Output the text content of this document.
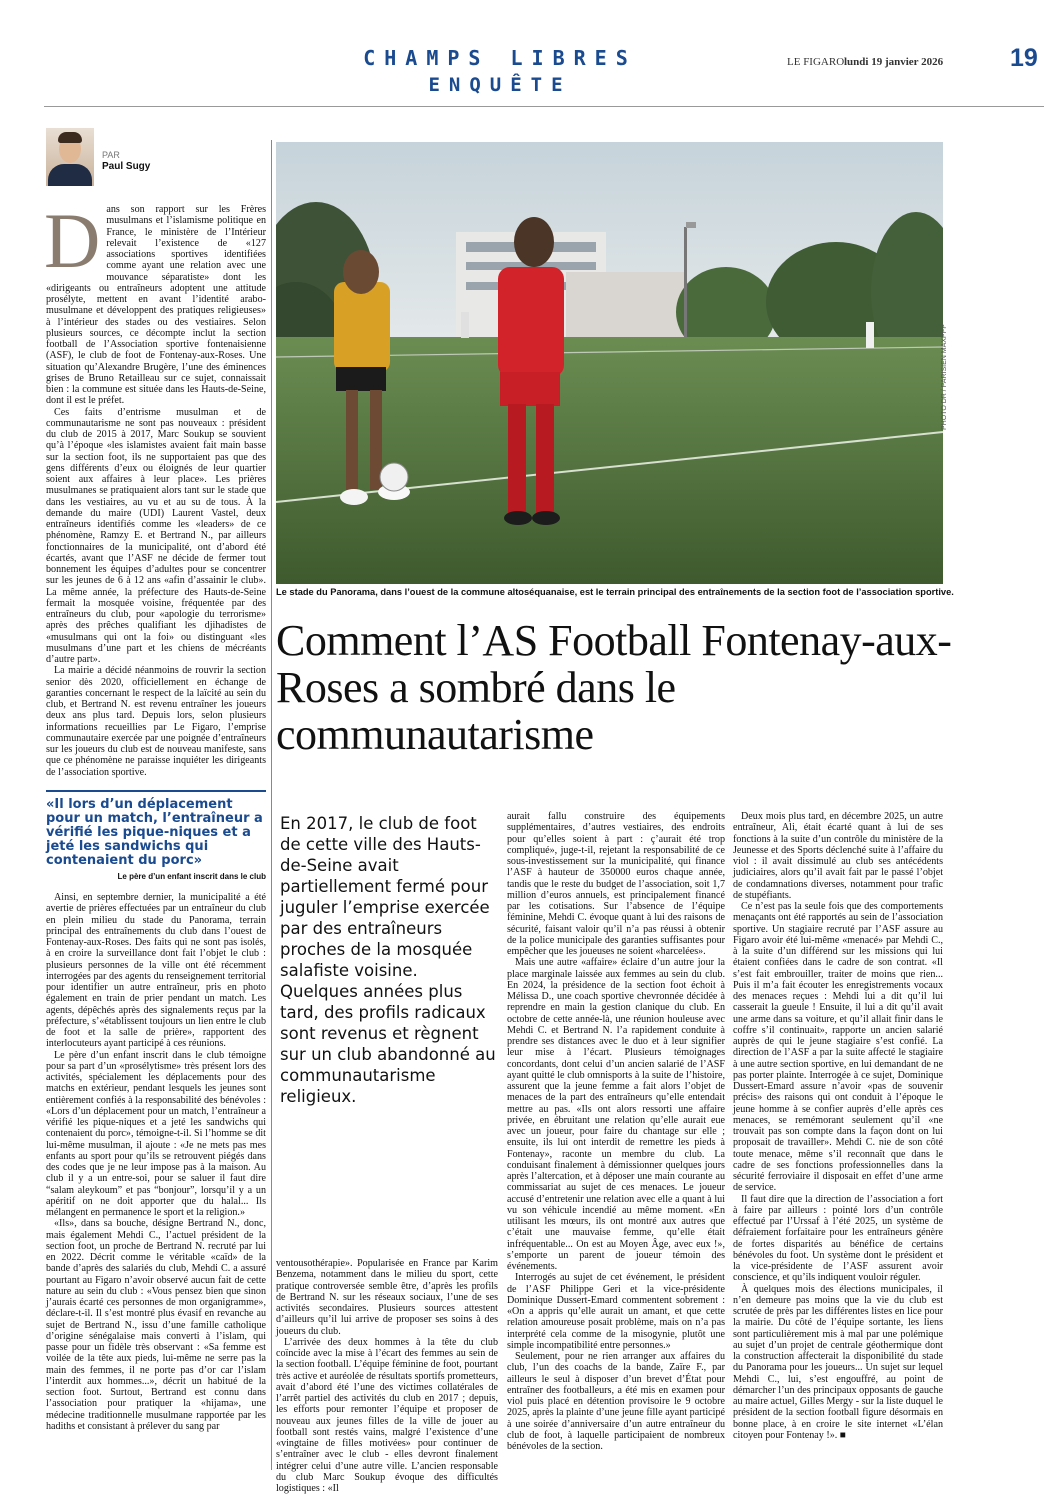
CHAMPS LIBRES
ENQUÊTE
LE FIGARO lundi 19 janvier 2026	19
PAR
Paul Sugy
D ans son rapport sur les Frères musulmans et l’islamisme politique en France, le ministère de l’Intérieur relevait l’existence de «127 associations sportives identifiées comme ayant une relation avec une mouvance séparatiste» dont les «dirigeants ou entraîneurs adoptent une attitude prosélyte, mettent en avant l’identité arabo-musulmane et développent des pratiques religieuses» à l’intérieur des stades ou des vestiaires. Selon plusieurs sources, ce décompte inclut la section football de l’Association sportive fontenaisienne (ASF), le club de foot de Fontenay-aux-Roses. Une situation qu’Alexandre Brugère, l’une des éminences grises de Bruno Retailleau sur ce sujet, connaissait bien : la commune est située dans les Hauts-de-Seine, dont il est le préfet.

Ces faits d’entrisme musulman et de communautarisme ne sont pas nouveaux : président du club de 2015 à 2017, Marc Soukup se souvient qu’à l’époque «les islamistes avaient fait main basse sur la section foot, ils ne supportaient pas que des gens différents d’eux ou éloignés de leur quartier soient aux affaires à leur place». Les prières musulmanes se pratiquaient alors tant sur le stade que dans les vestiaires, au vu et au su de tous. À la demande du maire (UDI) Laurent Vastel, deux entraîneurs identifiés comme les «leaders» de ce phénomène, Ramzy E. et Bertrand N., par ailleurs fonctionnaires de la municipalité, ont d’abord été écartés, avant que l’ASF ne décide de fermer tout bonnement les équipes d’adultes pour se concentrer sur les jeunes de 6 à 12 ans «afin d’assainir le club». La même année, la préfecture des Hauts-de-Seine fermait la mosquée voisine, fréquentée par des entraîneurs du club, pour «apologie du terrorisme» après des prêches qualifiant les djihadistes de «musulmans qui ont la foi» ou distinguant «les musulmans d’une part et les chiens de mécréants d’autre part».

La mairie a décidé néanmoins de rouvrir la section senior dès 2020, officiellement en échange de garanties concernant le respect de la laïcité au sein du club, et Bertrand N. est revenu entraîner les joueurs deux ans plus tard. Depuis lors, selon plusieurs informations recueillies par Le Figaro, l’emprise communautaire exercée par une poignée d’entraîneurs sur les joueurs du club est de nouveau manifeste, sans que ce phénomène ne paraisse inquiéter les dirigeants de l’association sportive.

«Il lors d’un déplacement pour un match, l’entraîneur a vérifié les pique-niques et a jeté les sandwichs qui contenaient du porc»
Le père d’un enfant inscrit dans le club

Ainsi, en septembre dernier, la municipalité a été avertie de prières effectuées par un entraîneur du club en plein milieu du stade du Panorama, terrain principal des entraînements du club dans l’ouest de Fontenay-aux-Roses. Des faits qui ne sont pas isolés, à en croire la surveillance dont fait l’objet le club : plusieurs personnes de la ville ont été récemment interrogées par des agents du renseignement territorial pour identifier un autre entraîneur, pris en photo également en train de prier pendant un match. Les agents, dépêchés après des signalements reçus par la préfecture, s’«établissent toujours un lien entre le club de foot et la salle de prière», rapportent des interlocuteurs ayant participé à ces réunions.

Le père d’un enfant inscrit dans le club témoigne pour sa part d’un «prosélytisme» très présent lors des activités, spécialement les déplacements pour des matchs en extérieur, pendant lesquels les jeunes sont entièrement confiés à la responsabilité des bénévoles : «Lors d’un déplacement pour un match, l’entraîneur a vérifié les pique-niques et a jeté les sandwichs qui contenaient du porc», témoigne-t-il. Si l’homme se dit lui-même musulman, il ajoute : «Je ne mets pas mes enfants au sport pour qu’ils se retrouvent piégés dans des codes que je ne leur impose pas à la maison. Au club il y a un entre-soi, pour se saluer il faut dire “salam aleykoum” et pas “bonjour”, lorsqu’il y a un apéritif on ne doit apporter que du halal... Ils mélangent en permanence le sport et la religion.»

«Ils», dans sa bouche, désigne Bertrand N., donc, mais également Mehdi C., l’actuel président de la section foot, un proche de Bertrand N. recruté par lui en 2022. Décrit comme le véritable «caïd» de la bande d’après des salariés du club, Mehdi C. a assuré pourtant au Figaro n’avoir observé aucun fait de cette nature au sein du club : «Vous pensez bien que sinon j’aurais écarté ces personnes de mon organigramme», déclare-t-il. Il s’est montré plus évasif en revanche au sujet de Bertrand N., issu d’une famille catholique d’origine sénégalaise mais converti à l’islam, qui passe pour un fidèle très observant : «Sa femme est voilée de la tête aux pieds, lui-même ne serre pas la main des femmes, il ne porte pas d’or car l’islam l’interdit aux hommes...», décrit un habitué de la section foot. Surtout, Bertrand est connu dans l’association pour pratiquer la «hijama», une médecine traditionnelle musulmane rapportée par les hadiths et consistant à prélever du sang par

PHOTO DR / PARISIEN MAXPPP
Le stade du Panorama, dans l’ouest de la commune altoséquanaise, est le terrain principal des entraînements de la section foot de l’association sportive.
Comment l’AS Football Fontenay-aux-Roses a sombré dans le communautarisme
En 2017, le club de foot de cette ville des Hauts-de-Seine avait partiellement fermé pour juguler l’emprise exercée par des entraîneurs proches de la mosquée salafiste voisine. Quelques années plus tard, des profils radicaux sont revenus et règnent sur un club abandonné au communautarisme religieux.

ventousothérapie». Popularisée en France par Karim Benzema, notamment dans le milieu du sport, cette pratique controversée semble être, d’après les profils de Bertrand N. sur les réseaux sociaux, l’une de ses activités secondaires. Plusieurs sources attestent d’ailleurs qu’il lui arrive de proposer ses soins à des joueurs du club.

L’arrivée des deux hommes à la tête du club coïncide avec la mise à l’écart des femmes au sein de la section football. L’équipe féminine de foot, pourtant très active et auréolée de résultats sportifs prometteurs, avait d’abord été l’une des victimes collatérales de l’arrêt partiel des activités du club en 2017 ; depuis, les efforts pour remonter l’équipe et proposer de nouveau aux jeunes filles de la ville de jouer au football sont restés vains, malgré l’existence d’une «vingtaine de filles motivées» pour continuer de s’entraîner avec le club - elles devront finalement intégrer celui d’une autre ville. L’ancien responsable du club Marc Soukup évoque des difficultés logistiques : «Il

aurait fallu construire des équipements supplémentaires, d’autres vestiaires, des endroits pour qu’elles soient à part : ç’aurait été trop compliqué», juge-t-il, rejetant la responsabilité de ce sous-investissement sur la municipalité, qui finance l’ASF à hauteur de 350000 euros chaque année, tandis que le reste du budget de l’association, soit 1,7 million d’euros annuels, est principalement financé par les cotisations. Sur l’absence de l’équipe féminine, Mehdi C. évoque quant à lui des raisons de sécurité, faisant valoir qu’il n’a pas réussi à obtenir de la police municipale des garanties suffisantes pour empêcher que les joueuses ne soient «harcelées».

Mais une autre «affaire» éclaire d’un autre jour la place marginale laissée aux femmes au sein du club. En 2024, la présidence de la section foot échoit à Mélissa D., une coach sportive chevronnée décidée à reprendre en main la gestion clanique du club. En octobre de cette année-là, une réunion houleuse avec Mehdi C. et Bertrand N. l’a rapidement conduite à prendre ses distances avec le duo et à leur signifier leur mise à l’écart. Plusieurs témoignages concordants, dont celui d’un ancien salarié de l’ASF ayant quitté le club omnisports à la suite de l’histoire, assurent que la jeune femme a fait alors l’objet de menaces de la part des entraîneurs qu’elle entendait mettre au pas. «Ils ont alors ressorti une affaire privée, en ébruitant une relation qu’elle aurait eue avec un joueur, pour faire du chantage sur elle ; ensuite, ils lui ont interdit de remettre les pieds à Fontenay», raconte un membre du club. La conduisant finalement à démissionner quelques jours après l’altercation, et à déposer une main courante au commissariat au sujet de ces menaces. Le joueur accusé d’entretenir une relation avec elle a quant à lui vu son véhicule incendié au même moment. «En utilisant les mœurs, ils ont montré aux autres que c’était une mauvaise femme, qu’elle était infréquentable... On est au Moyen Âge, avec eux !», s’emporte un parent de joueur témoin des événements.

Interrogés au sujet de cet événement, le président de l’ASF Philippe Geri et la vice-présidente Dominique Dussert-Emard commentent sobrement : «On a appris qu’elle aurait un amant, et que cette relation amoureuse posait problème, mais on n’a pas interprété cela comme de la misogynie, plutôt une simple incompatibilité entre personnes.»

Seulement, pour ne rien arranger aux affaires du club, l’un des coachs de la bande, Zaïre F., par ailleurs le seul à disposer d’un brevet d’État pour entraîner des footballeurs, a été mis en examen pour viol puis placé en détention provisoire le 9 octobre 2025, après la plainte d’une jeune fille ayant participé à une soirée d’anniversaire d’un autre entraîneur du club de foot, à laquelle participaient de nombreux bénévoles de la section.

Deux mois plus tard, en décembre 2025, un autre entraîneur, Ali, était écarté quant à lui de ses fonctions à la suite d’un contrôle du ministère de la Jeunesse et des Sports déclenché suite à l’affaire du viol : il avait dissimulé au club ses antécédents judiciaires, alors qu’il avait fait par le passé l’objet de condamnations diverses, notamment pour trafic de stupéfiants.

Ce n’est pas la seule fois que des comportements menaçants ont été rapportés au sein de l’association sportive. Un stagiaire recruté par l’ASF assure au Figaro avoir été lui-même «menacé» par Mehdi C., à la suite d’un différend sur les missions qui lui étaient confiées dans le cadre de son contrat. «Il s’est fait embrouiller, traiter de moins que rien... Puis il m’a fait écouter les enregistrements vocaux des menaces reçues : Mehdi lui a dit qu’il lui casserait la gueule ! Ensuite, il lui a dit qu’il avait une arme dans sa voiture, et qu’il allait finir dans le coffre s’il continuait», rapporte un ancien salarié auprès de qui le jeune stagiaire s’est confié. La direction de l’ASF a par la suite affecté le stagiaire à une autre section sportive, en lui demandant de ne pas porter plainte. Interrogée à ce sujet, Dominique Dussert-Emard assure n’avoir «pas de souvenir précis» des raisons qui ont conduit à l’époque le jeune homme à se confier auprès d’elle après ces menaces, se remémorant seulement qu’il «ne trouvait pas son compte dans la façon dont on lui proposait de travailler». Mehdi C. nie de son côté toute menace, même s’il reconnaît que dans le cadre de ses fonctions professionnelles dans la sécurité ferroviaire il disposait en effet d’une arme de service.

Il faut dire que la direction de l’association a fort à faire par ailleurs : pointé lors d’un contrôle effectué par l’Urssaf à l’été 2025, un système de défraiement forfaitaire pour les entraîneurs génère de fortes disparités au bénéfice de certains bénévoles du foot. Un système dont le président et la vice-présidente de l’ASF assurent avoir conscience, et qu’ils indiquent vouloir réguler.

À quelques mois des élections municipales, il n’en demeure pas moins que la vie du club est scrutée de près par les différentes listes en lice pour la mairie. Du côté de l’équipe sortante, les liens sont particulièrement mis à mal par une polémique au sujet d’un projet de centrale géothermique dont la construction affecterait la disponibilité du stade du Panorama pour les joueurs... Un sujet sur lequel Mehdi C., lui, s’est engouffré, au point de démarcher l’un des principaux opposants de gauche au maire actuel, Gilles Mergy - sur la liste duquel le président de la section football figure désormais en bonne place, à en croire le site internet «L’élan citoyen pour Fontenay !». ■
